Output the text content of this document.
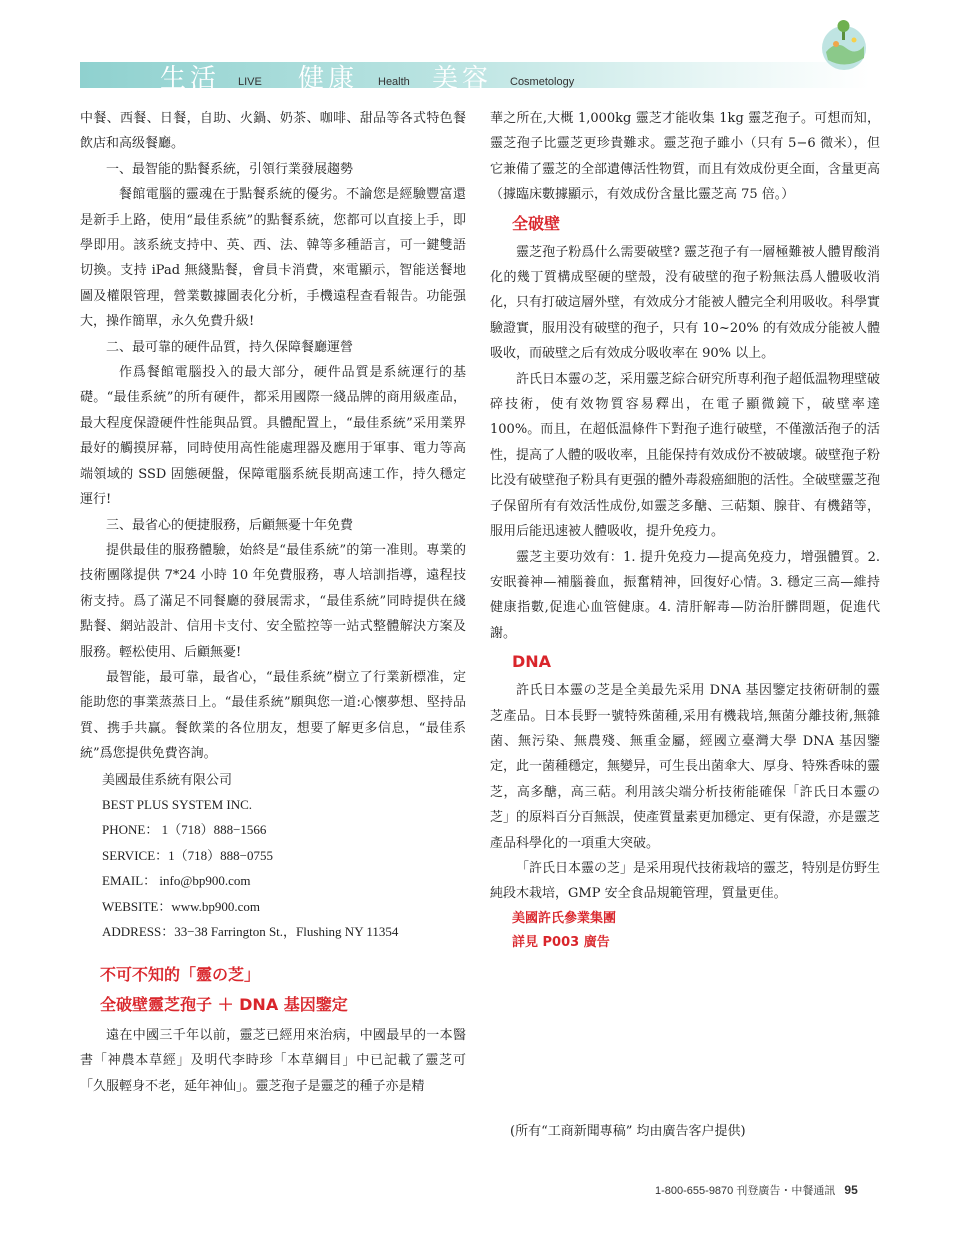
生活 LIVE 健康 Health 美容 Cosmetology

中餐、西餐、日餐，自助、火鍋、奶茶、咖啡、甜品等各式特色餐飲店和高级餐廳。

一、最智能的點餐系統，引領行業發展趨勢

餐館電腦的靈魂在于點餐系統的優劣。不論您是經驗豐富還是新手上路，使用“最佳系統”的點餐系統，您都可以直接上手，即學即用。該系統支持中、英、西、法、韓等多種語言，可一鍵雙語切換。支持 iPad 無綫點餐，會員卡消費，來電顯示，智能送餐地圖及權限管理，營業數據圖表化分析，手機遠程查看報告。功能强大，操作簡單，永久免費升級!

二、最可靠的硬件品質，持久保障餐廳運營

作爲餐館電腦投入的最大部分，硬件品質是系統運行的基礎。“最佳系統”的所有硬件，都采用國際一綫品牌的商用級產品，最大程度保證硬件性能與品質。具體配置上，“最佳系統”采用業界最好的觸摸屏幕，同時使用高性能處理器及應用于軍事、電力等高端領域的 SSD 固態硬盤，保障電腦系統長期高速工作，持久穩定運行!

三、最省心的便捷服務，后顧無憂十年免費

提供最佳的服務體驗，始終是“最佳系統”的第一准則。專業的技術團隊提供 7*24 小時 10 年免費服務，專人培訓指導，遠程技術支持。爲了滿足不同餐廳的發展需求，“最佳系統”同時提供在綫點餐、網站設計、信用卡支付、安全監控等一站式整體解決方案及服務。輕松使用、后顧無憂!

最智能，最可靠，最省心，“最佳系統”樹立了行業新標准，定能助您的事業蒸蒸日上。“最佳系統”願與您一道:心懷夢想、堅持品質、携手共赢。餐飲業的各位朋友，想要了解更多信息，“最佳系統”爲您提供免費咨詢。

美國最佳系統有限公司

BEST PLUS SYSTEM INC.

PHONE： 1（718）888−1566

SERVICE：1（718）888−0755

EMAIL： info@bp900.com

WEBSITE：www.bp900.com

ADDRESS：33−38 Farrington St.，Flushing NY 11354

不可不知的「靈の芝」
全破壁靈芝孢子 ＋ DNA 基因鑒定

遠在中國三千年以前，靈芝已經用來治病，中國最早的一本醫書「神農本草經」及明代李時珍「本草綱目」中已記載了靈芝可「久服輕身不老，延年神仙」。靈芝孢子是靈芝的種子亦是精

華之所在,大概 1,000kg 靈芝才能收集 1kg 靈芝孢子。可想而知，靈芝孢子比靈芝更珍貴難求。靈芝孢子雖小（只有 5−6 微米），但它兼備了靈芝的全部遺傳活性物質，而且有效成份更全面，含量更高（據臨床數據顯示，有效成份含量比靈芝高 75 倍。）

全破壁

靈芝孢子粉爲什么需要破壁? 靈芝孢子有一層極難被人體胃酸消化的幾丁質構成堅硬的壁殼，没有破壁的孢子粉無法爲人體吸收消化，只有打破這層外壁，有效成分才能被人體完全利用吸收。科學實驗證實，服用没有破壁的孢子，只有 10~20% 的有效成分能被人體吸收，而破壁之后有效成分吸收率在 90% 以上。

許氏日本靈の芝，采用靈芝綜合研究所専利孢子超低温物理壁破碎技術，使有效物質容易釋出，在電子顯微鏡下，破壁率達 100%。而且，在超低温條件下對孢子進行破壁，不僅激活孢子的活性，提高了人體的吸收率，且能保持有效成份不被破壞。破壁孢子粉比没有破壁孢子粉具有更强的體外毒殺癌細胞的活性。全破壁靈芝孢子保留所有有效活性成份,如靈芝多醣、三萜類、腺苷、有機鍺等，服用后能迅速被人體吸收，提升免疫力。

靈芝主要功效有：1. 提升免疫力—提高免疫力，增强體質。2. 安眠養神—補腦養血，振奮精神，回復好心情。3. 穩定三高—維持健康指數,促進心血管健康。4. 清肝解毒—防治肝髒問題，促進代謝。

DNA

許氏日本靈の芝是全美最先采用 DNA 基因鑒定技術研制的靈芝產品。日本長野一號特殊菌種,采用有機栽培,無菌分離技術,無雜菌、無污染、無農殘、無重金屬，經國立臺灣大學 DNA 基因鑒定，此一菌種穩定，無變异，可生長出菌傘大、厚身、特殊香味的靈芝，高多醣，高三萜。利用該尖端分析技術能確保「許氏日本靈の芝」的原料百分百無誤，使產質量素更加穩定、更有保證，亦是靈芝產品科學化的一項重大突破。

「許氏日本靈の芝」是采用現代技術栽培的靈芝，特别是仿野生純段木栽培，GMP 安全食品規範管理，質量更佳。

美國許氏參業集團

詳見 P003 廣告

(所有“工商新聞專稿” 均由廣告客户提供)
1-800-655-9870 刊登廣告・中餐通訊 95
